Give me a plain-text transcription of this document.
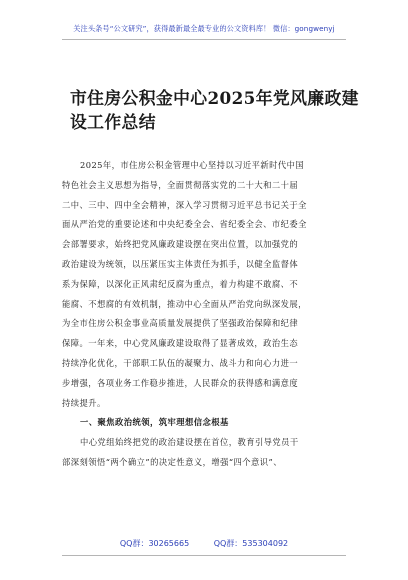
关注头条号“公文研究”，获得最新最全最专业的公文资料库！ 微信：gongwenyj
市住房公积金中心2025年党风廉政建
设工作总结
2025年，市住房公积金管理中心坚持以习近平新时代中国
特色社会主义思想为指导，全面贯彻落实党的二十大和二十届
二中、三中、四中全会精神，深入学习贯彻习近平总书记关于全
面从严治党的重要论述和中央纪委全会、省纪委全会、市纪委全
会部署要求，始终把党风廉政建设摆在突出位置，以加强党的
政治建设为统领，以压紧压实主体责任为抓手，以健全监督体
系为保障，以深化正风肃纪反腐为重点，着力构建不敢腐、不
能腐、不想腐的有效机制，推动中心全面从严治党向纵深发展，
为全市住房公积金事业高质量发展提供了坚强政治保障和纪律
保障。一年来，中心党风廉政建设取得了显著成效，政治生态
持续净化优化，干部职工队伍的凝聚力、战斗力和向心力进一
步增强，各项业务工作稳步推进，人民群众的获得感和满意度
持续提升。
一、聚焦政治统领，筑牢理想信念根基
中心党组始终把党的政治建设摆在首位，教育引导党员干
部深刻领悟“两个确立”的决定性意义，增强“四个意识”、
QQ群：30265665	QQ群：535304092
